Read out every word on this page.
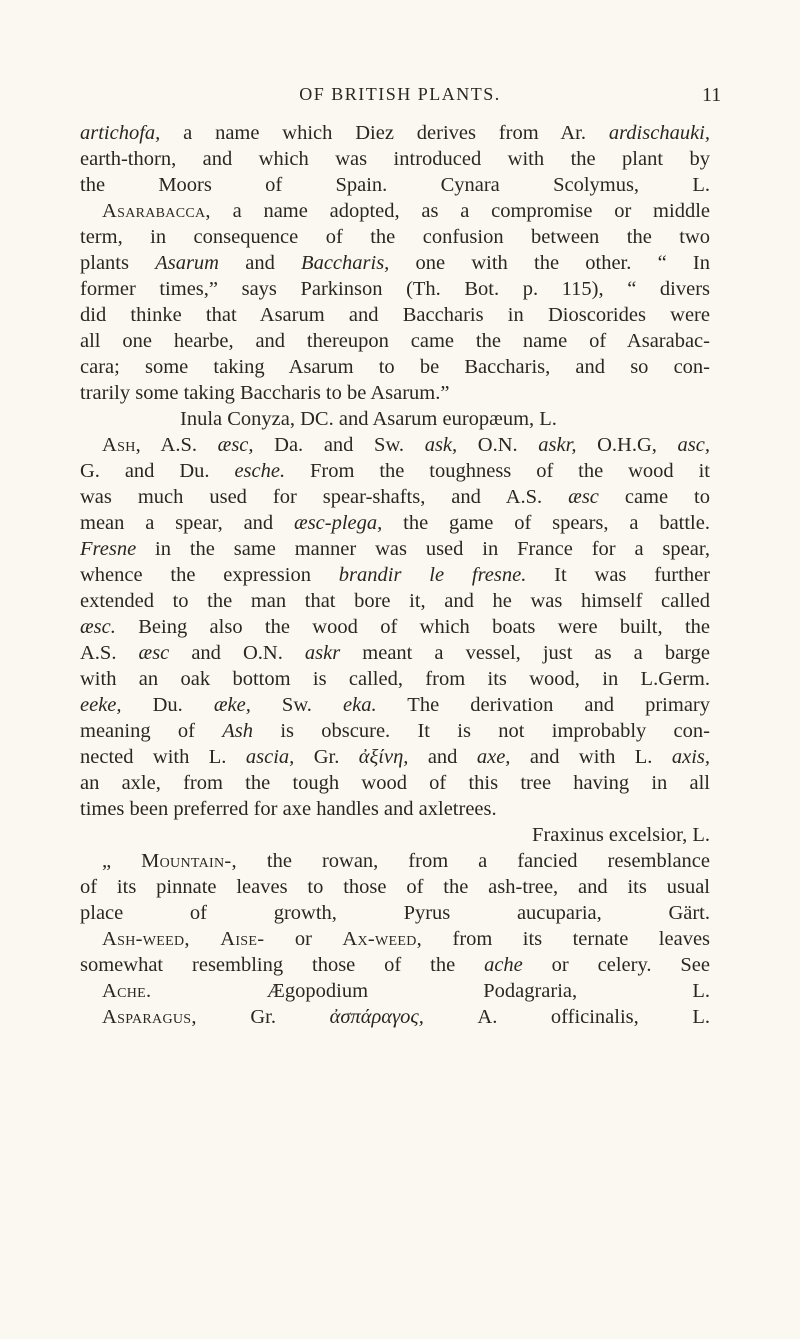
OF BRITISH PLANTS.	11
artichofa, a name which Diez derives from Ar. ardischauki,
earth-thorn, and which was introduced with the plant by
the Moors of Spain. Cynara Scolymus, L.
Asarabacca, a name adopted, as a compromise or middle
term, in consequence of the confusion between the two
plants Asarum and Baccharis, one with the other. “ In
former times,” says Parkinson (Th. Bot. p. 115), “ divers
did thinke that Asarum and Baccharis in Dioscorides were
all one hearbe, and thereupon came the name of Asarabac-
cara; some taking Asarum to be Baccharis, and so con-
trarily some taking Baccharis to be Asarum.”
Inula Conyza, DC. and Asarum europæum, L.
Ash, A.S. æsc, Da. and Sw. ask, O.N. askr, O.H.G, asc,
G. and Du. esche. From the toughness of the wood it
was much used for spear-shafts, and A.S. æsc came to
mean a spear, and æsc-plega, the game of spears, a battle.
Fresne in the same manner was used in France for a spear,
whence the expression brandir le fresne. It was further
extended to the man that bore it, and he was himself called
æsc. Being also the wood of which boats were built, the
A.S. æsc and O.N. askr meant a vessel, just as a barge
with an oak bottom is called, from its wood, in L.Germ.
eeke, Du. æke, Sw. eka. The derivation and primary
meaning of Ash is obscure. It is not improbably con-
nected with L. ascia, Gr. ἀξίνη, and axe, and with L. axis,
an axle, from the tough wood of this tree having in all
times been preferred for axe handles and axletrees.
Fraxinus excelsior, L.
„ Mountain-, the rowan, from a fancied resemblance
of its pinnate leaves to those of the ash-tree, and its usual
place of growth, Pyrus aucuparia, Gärt.
Ash-weed, Aise- or Ax-weed, from its ternate leaves
somewhat resembling those of the ache or celery. See
Ache. Ægopodium Podagraria, L.
Asparagus, Gr. ἀσπάραγος, A. officinalis, L.
